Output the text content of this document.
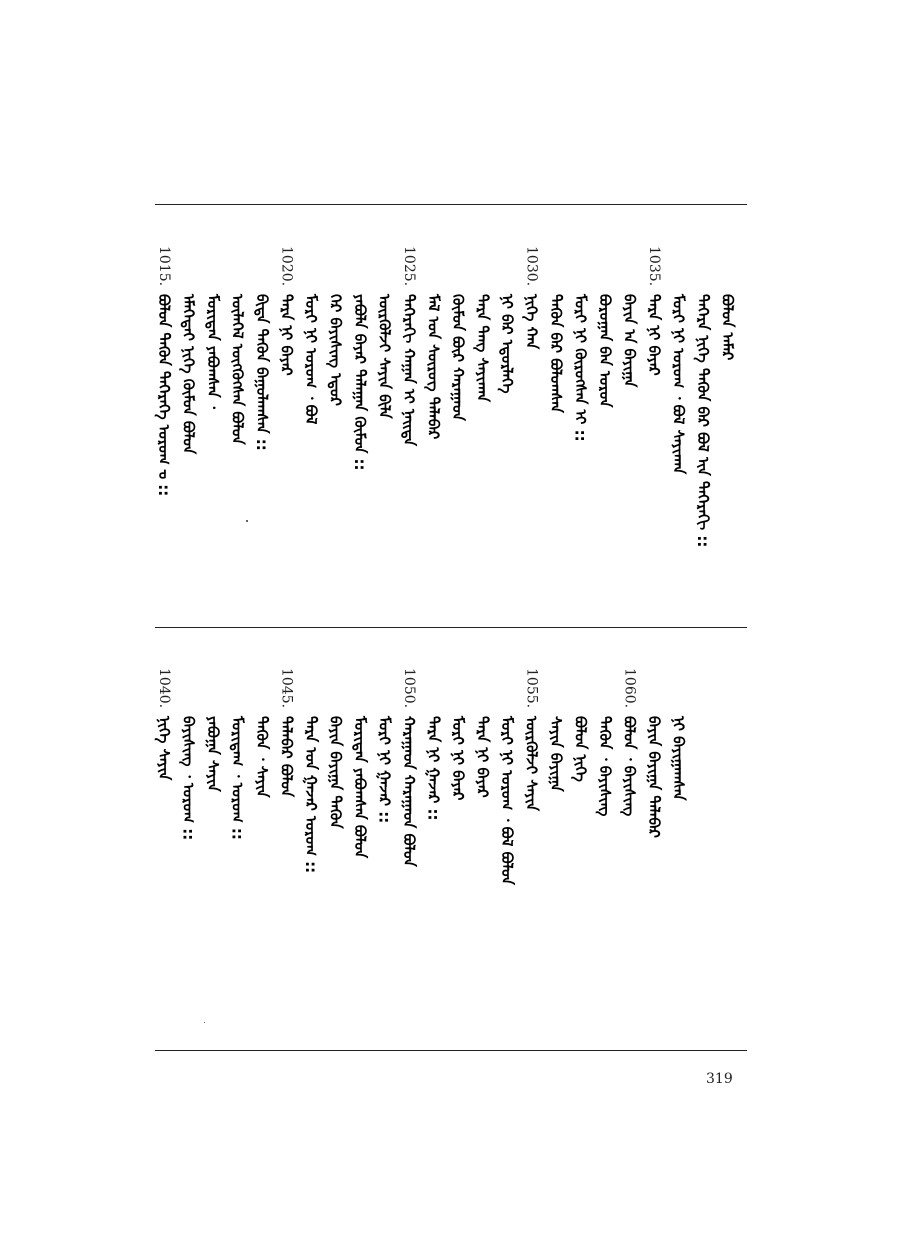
1015.
ᠪᠣᠯᠤᠨ ᠲᠡᠭᠦᠨ ᠳᠡᠭᠡᠷᠡᠭᠡ ᠤᠷᠤᠭ ᠊ᠤ᠋ :: ᠡᠮᠡᠭᠡᠲᠡᠢ ᠨᠢᠭᠡ ᠬᠦᠮᠦᠨ ᠪᠣᠯᠤᠨ ᠮᠣᠷᠢᠳᠠᠨ ᠶᠠᠪᠤᠭᠰᠠᠨ ᠂ ᠦᠯᠡᠭᠡᠯ ᠦᠭᠭᠦᠭᠰᠡᠨ ᠪᠣᠯᠤᠨ ᠪᠢᠳᠡ ᠲᠡᠭᠦᠨ ᠪᠠᠭᠤᠯᠠᠭᠰᠠᠨ ::
1020.
ᠲᠡᠷᠡ ᠨᠢ ᠪᠠᠶᠠᠷ ᠮᠣᠷᠢ ᠨᠢ ᠤᠷᠤᠭ ᠂ ᠪᠣᠯ ᠭᠡᠷ ᠪᠠᠶᠢᠰᠢᠩ ᠡᠳᠦᠷ ᠶᠠᠪᠤᠯᠠ ᠪᠠᠶᠠᠷ ᠲᠠᠯᠠᠭᠠᠨ ᠬᠦᠮᠦᠨ :: ᠦᠷᠭᠦᠯᠵᠢ ᠰᠠᠶᠢᠨ ᠪᠢᠯᠡ
1025.
ᠳᠡᠭᠡᠷᠡᠬᠢ ᠬᠠᠭᠠᠨ ᠢ ᠨᠡᠢᠲᠡ ᠮᠠᠯ ᠤᠨ ᠰᠦᠷᠦᠭ ᠲᠠᠯᠠᠪᠠᠷ ᠬᠦᠮᠦᠨ ᠪᠦᠷ ᠬᠠᠷᠠᠭᠠᠳ ᠲᠡᠷᠡ ᠲᠠᠩ ᠰᠠᠶᠢᠬᠠᠨ ᠨᠢ ᠪᠠᠷ ᠡᠳᠦᠷᠯᠡᠭᠡ
1030.
ᠨᠢᠭᠡ ᠬᠠᠨ ᠲᠡᠭᠦᠨ ᠪᠠᠷ ᠪᠣᠯᠤᠭᠰᠠᠨ ᠮᠣᠷᠢ ᠨᠢ ᠬᠦᠷᠦᠭᠰᠡᠨ ᠢ :: ᠪᠣᠷᠣᠭᠠᠨ ᠪᠠᠨ ᠣᠷᠣᠨ ᠪᠠᠶᠢᠨ ᠠ ᠪᠠᠶᠢᠭᠠ
1035.
ᠲᠡᠷᠡ ᠨᠢ ᠪᠠᠶᠠᠷ ᠮᠣᠷᠢ ᠨᠢ ᠤᠷᠤᠭ ᠂ ᠪᠣᠯ ᠰᠠᠶᠢᠬᠠᠨ ᠳᠡᠭᠡᠷᠡ ᠨᠢᠭᠡ ᠲᠡᠭᠦᠨ ᠪᠠᠷ ᠪᠣᠯ ᠢᠨ ᠳᠡᠭᠡᠷᠡᠬᠢ :: ᠪᠣᠯᠤᠨ ᠠᠮᠠᠷ
1040.
ᠨᠢᠭᠡ ᠰᠠᠶᠢᠨ ᠪᠠᠶᠢᠰᠢᠩ ᠂ ᠤᠷᠤᠭ :: ᠶᠠᠪᠤᠭᠠ ᠰᠠᠶᠢᠨ ᠮᠣᠷᠢᠳᠠᠭ ᠂ ᠤᠷᠤᠭ :: ᠲᠡᠭᠦᠨ ᠂ ᠰᠠᠶᠢᠨ
1045.
ᠲᠠᠯᠠᠪᠠᠷ ᠪᠣᠯᠤᠨ ᠲᠡᠷᠡ ᠤᠨ ᠭᠠᠵᠠᠷ ᠤᠷᠤᠭ :: ᠪᠠᠶᠢᠨ ᠪᠠᠶᠢᠭᠠ ᠲᠡᠭᠦᠨ ᠮᠣᠷᠢᠳᠠᠨ ᠶᠠᠪᠤᠭᠰᠠᠨ ᠪᠣᠯᠤᠨ ᠮᠣᠷᠢ ᠨᠢ ᠭᠠᠵᠠᠷ ::
1050.
ᠬᠠᠷᠠᠭᠠᠳ ᠬᠠᠷᠠᠭᠠᠳ ᠪᠣᠯᠤᠨ ᠲᠡᠷᠡ ᠨᠢ ᠭᠠᠵᠠᠷ :: ᠮᠣᠷᠢ ᠨᠢ ᠪᠠᠶᠠᠷ ᠲᠡᠷᠡ ᠨᠢ ᠪᠠᠶᠠᠷ ᠮᠣᠷᠢ ᠨᠢ ᠤᠷᠤᠭ ᠂ ᠪᠣᠯ ᠪᠣᠯᠤᠨ
1055.
ᠦᠷᠭᠦᠯᠵᠢ ᠰᠠᠶᠢᠨ ᠰᠠᠶᠢᠨ ᠪᠠᠶᠢᠭᠠ ᠪᠣᠯᠤᠨ ᠨᠢᠭᠡ ᠲᠡᠭᠦᠨ ᠂ ᠪᠠᠶᠢᠰᠢᠩ
1060.
ᠪᠣᠯᠤᠨ ᠂ ᠪᠠᠶᠢᠰᠢᠩ ᠪᠠᠶᠢᠨ ᠪᠠᠶᠢᠭᠠ ᠲᠠᠯᠠᠪᠠᠷ ᠨᠢ ᠪᠠᠶᠢᠭᠠᠭᠰᠠᠨ
319
